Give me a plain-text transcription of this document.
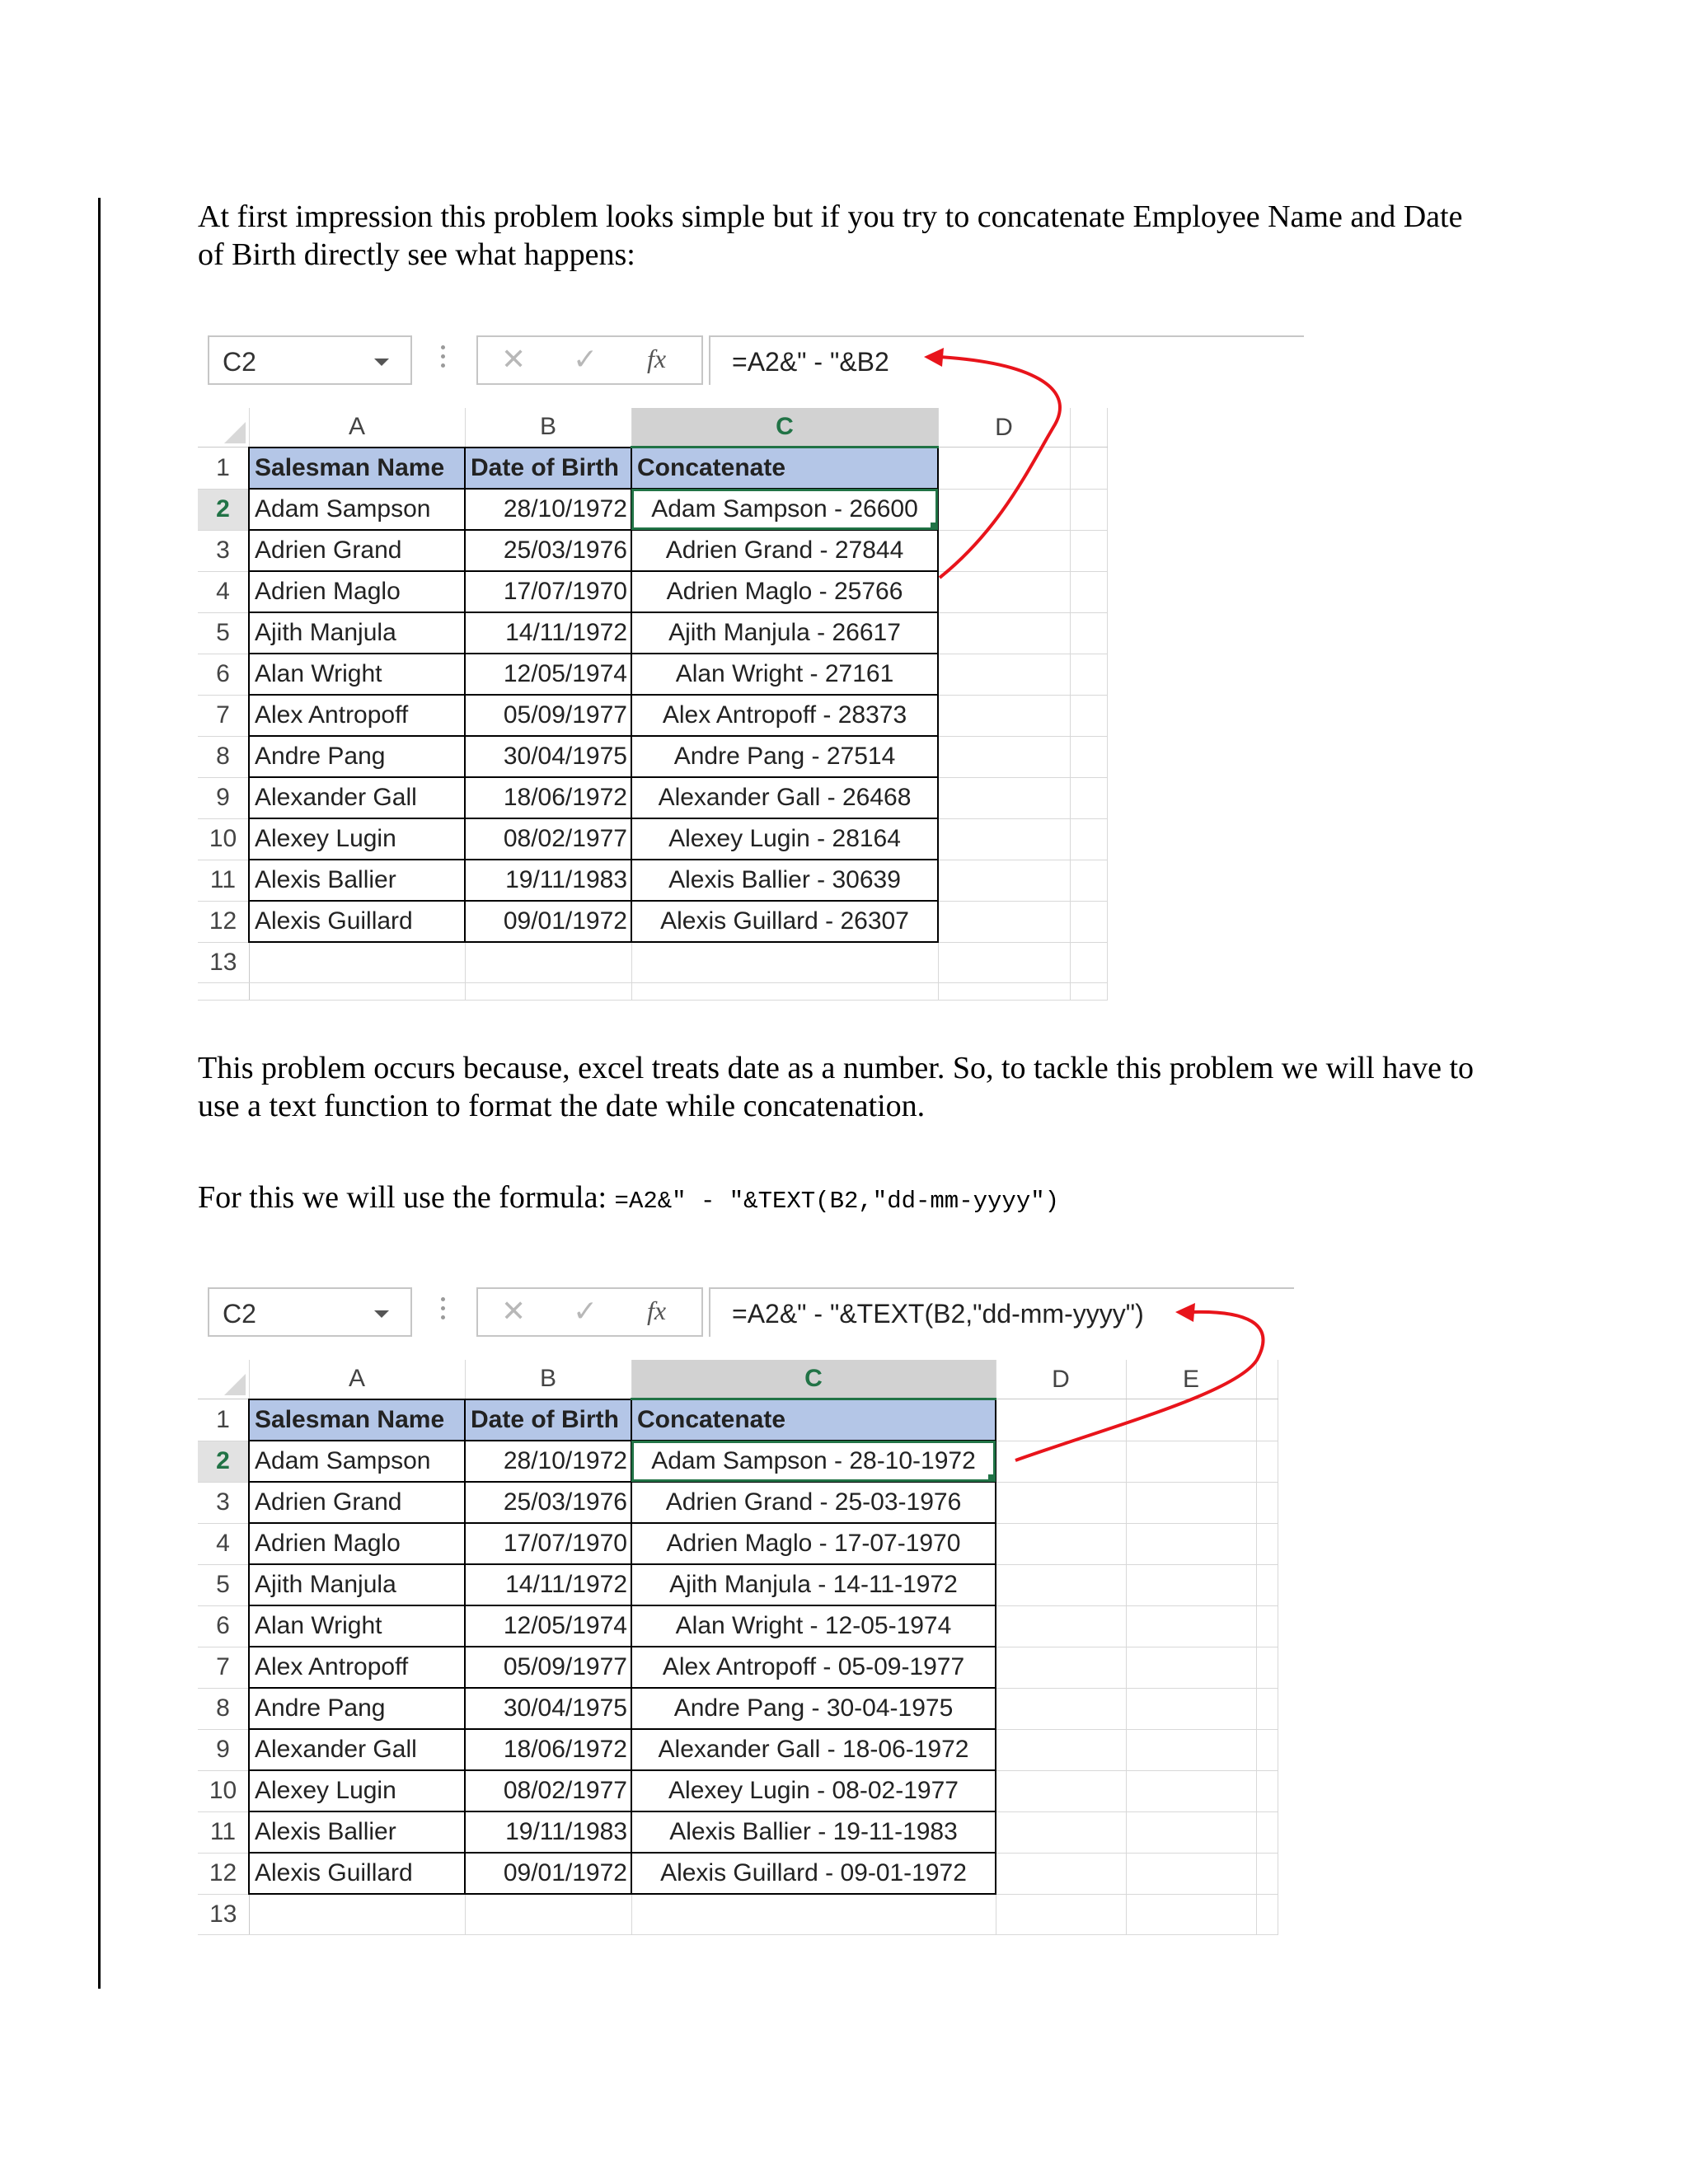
At first impression this problem looks simple but if you try to concatenate Employee Name and Date of Birth directly see what happens:

C2	✕ ✓ fx =A2&" - "&B2
	A	B	C	D	
1	Salesman Name	Date of Birth	Concatenate		
2	Adam Sampson	28/10/1972	Adam Sampson - 26600		
3	Adrien Grand	25/03/1976	Adrien Grand - 27844		
4	Adrien Maglo	17/07/1970	Adrien Maglo - 25766		
5	Ajith Manjula	14/11/1972	Ajith Manjula - 26617		
6	Alan Wright	12/05/1974	Alan Wright - 27161		
7	Alex Antropoff	05/09/1977	Alex Antropoff - 28373		
8	Andre Pang	30/04/1975	Andre Pang - 27514		
9	Alexander Gall	18/06/1972	Alexander Gall - 26468		
10	Alexey Lugin	08/02/1977	Alexey Lugin - 28164		
11	Alexis Ballier	19/11/1983	Alexis Ballier - 30639		
12	Alexis Guillard	09/01/1972	Alexis Guillard - 26307		
13					

This problem occurs because, excel treats date as a number. So, to tackle this problem we will have to use a text function to format the date while concatenation.

For this we will use the formula: =A2&" - "&TEXT(B2,"dd-mm-yyyy")

C2	✕ ✓ fx =A2&" - "&TEXT(B2,"dd-mm-yyyy")
	A	B	C	D	E	
1	Salesman Name	Date of Birth	Concatenate			
2	Adam Sampson	28/10/1972	Adam Sampson - 28-10-1972			
3	Adrien Grand	25/03/1976	Adrien Grand - 25-03-1976			
4	Adrien Maglo	17/07/1970	Adrien Maglo - 17-07-1970			
5	Ajith Manjula	14/11/1972	Ajith Manjula - 14-11-1972			
6	Alan Wright	12/05/1974	Alan Wright - 12-05-1974			
7	Alex Antropoff	05/09/1977	Alex Antropoff - 05-09-1977			
8	Andre Pang	30/04/1975	Andre Pang - 30-04-1975			
9	Alexander Gall	18/06/1972	Alexander Gall - 18-06-1972			
10	Alexey Lugin	08/02/1977	Alexey Lugin - 08-02-1977			
11	Alexis Ballier	19/11/1983	Alexis Ballier - 19-11-1983			
12	Alexis Guillard	09/01/1972	Alexis Guillard - 09-01-1972			
13						
